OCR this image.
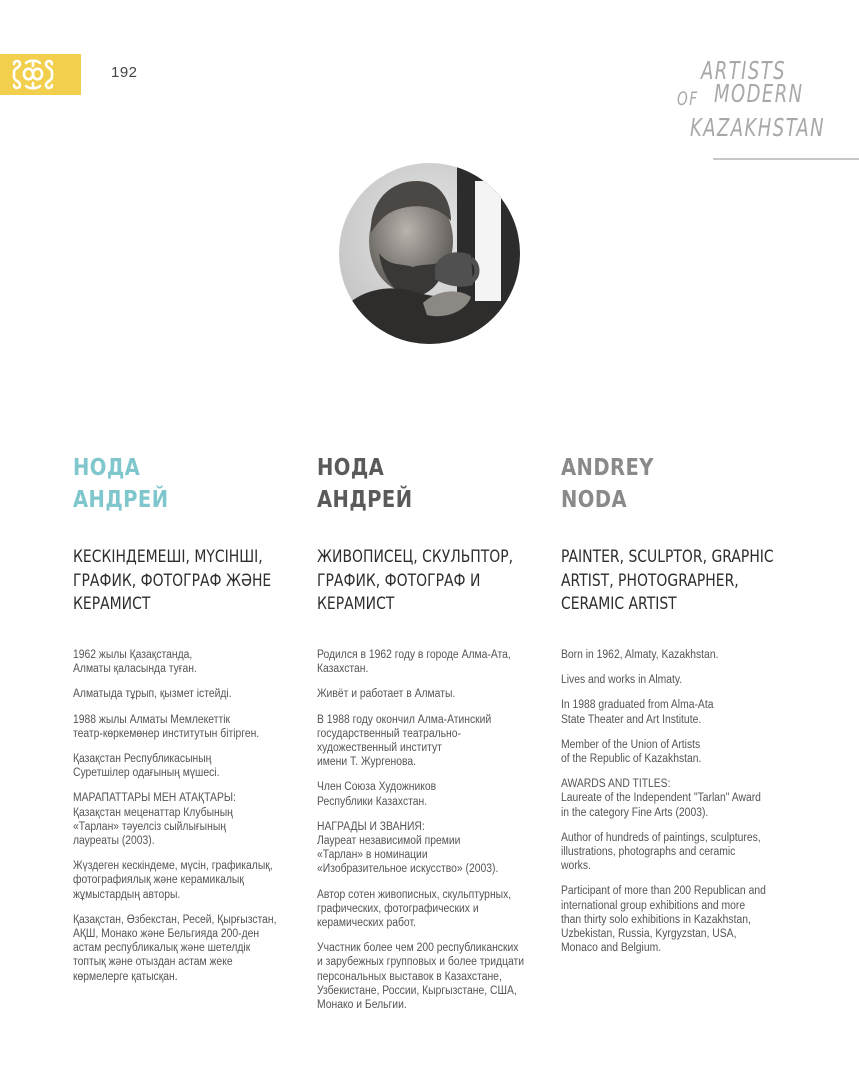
192	ARTISTS
OF MODERN
KAZAKHSTAN
НОДА
АНДРЕЙ
КЕСКІНДЕМЕШІ, МҮСІНШІ,
ГРАФИК, ФОТОГРАФ ЖӘНЕ
КЕРАМИСТ

1962 жылы Қазақстанда,
Алматы қаласында туған.

Алматыда тұрып, қызмет істейді.

1988 жылы Алматы Мемлекеттік
театр-көркемөнер институтын бітірген.

Қазақстан Республикасының
Суретшілер одағының мүшесі.

МАРАПАТТАРЫ МЕН АТАҚТАРЫ:
Қазақстан меценаттар Клубының
«Тарлан» тәуелсіз сыйлығының
лауреаты (2003).

Жүздеген кескіндеме, мүсін, графикалық,
фотографиялық және керамикалық
жұмыстардың авторы.

Қазақстан, Өзбекстан, Ресей, Қырғызстан,
АҚШ, Монако және Бельгияда 200-ден
астам республикалық және шетелдік
топтық және отыздан астам жеке
көрмелерге қатысқан.

НОДА
АНДРЕЙ
ЖИВОПИСЕЦ, СКУЛЬПТОР,
ГРАФИК, ФОТОГРАФ И
КЕРАМИСТ

Родился в 1962 году в городе Алма-Ата,
Казахстан.

Живёт и работает в Алматы.

В 1988 году окончил Алма-Атинский
государственный театрально-
художественный институт
имени Т. Жургенова.

Член Союза Художников
Республики Казахстан.

НАГРАДЫ И ЗВАНИЯ:
Лауреат независимой премии
«Тарлан» в номинации
«Изобразительное искусство» (2003).

Автор сотен живописных, скульптурных,
графических, фотографических и
керамических работ.

Участник более чем 200 республиканских
и зарубежных групповых и более тридцати
персональных выставок в Казахстане,
Узбекистане, России, Кыргызстане, США,
Монако и Бельгии.

ANDREY
NODA
PAINTER, SCULPTOR, GRAPHIC
ARTIST, PHOTOGRAPHER,
CERAMIC ARTIST

Born in 1962, Almaty, Kazakhstan.

Lives and works in Almaty.

In 1988 graduated from Alma-Ata
State Theater and Art Institute.

Member of the Union of Artists
of the Republic of Kazakhstan.

AWARDS AND TITLES:
Laureate of the Independent "Tarlan" Award
in the category Fine Arts (2003).

Author of hundreds of paintings, sculptures,
illustrations, photographs and ceramic
works.

Participant of more than 200 Republican and
international group exhibitions and more
than thirty solo exhibitions in Kazakhstan,
Uzbekistan, Russia, Kyrgyzstan, USA,
Monaco and Belgium.
